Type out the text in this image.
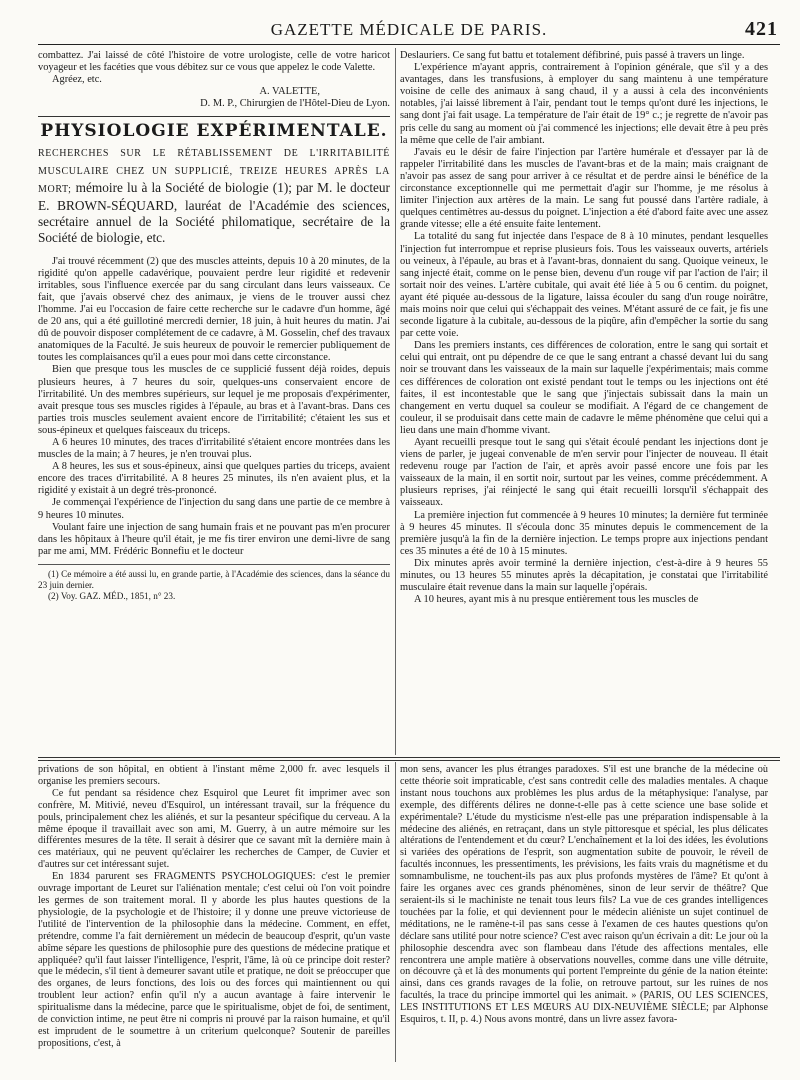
GAZETTE MÉDICALE DE PARIS.	421

combattez. J'ai laissé de côté l'histoire de votre urologiste, celle de votre haricot voyageur et les facéties que vous débitez sur ce vous que appelez le code Valette.

Agréez, etc.

A. VALETTE,

D. M. P., Chirurgien de l'Hôtel-Dieu de Lyon.

PHYSIOLOGIE EXPÉRIMENTALE.
RECHERCHES SUR LE RÉTABLISSEMENT DE L'IRRITABILITÉ MUSCULAIRE CHEZ UN SUPPLICIÉ, TREIZE HEURES APRÈS LA MORT; mémoire lu à la Société de biologie (1); par M. le docteur E. BROWN-SÉQUARD, lauréat de l'Académie des sciences, secrétaire annuel de la Société philomatique, secrétaire de la Société de biologie, etc.

J'ai trouvé récemment (2) que des muscles atteints, depuis 10 à 20 minutes, de la rigidité qu'on appelle cadavérique, pouvaient perdre leur rigidité et redevenir irritables, sous l'influence exercée par du sang circulant dans leurs vaisseaux. Ce fait, que j'avais observé chez des animaux, je viens de le trouver aussi chez l'homme. J'ai eu l'occasion de faire cette recherche sur le cadavre d'un homme, âgé de 20 ans, qui a été guillotiné mercredi dernier, 18 juin, à huit heures du matin. J'ai dû de pouvoir disposer complétement de ce cadavre, à M. Gosselin, chef des travaux anatomiques de la Faculté. Je suis heureux de pouvoir le remercier publiquement de toutes les complaisances qu'il a eues pour moi dans cette circonstance.

Bien que presque tous les muscles de ce supplicié fussent déjà roides, depuis plusieurs heures, à 7 heures du soir, quelques-uns conservaient encore de l'irritabilité. Un des membres supérieurs, sur lequel je me proposais d'expérimenter, avait presque tous ses muscles rigides à l'épaule, au bras et à l'avant-bras. Dans ces parties trois muscles seulement avaient encore de l'irritabilité; c'étaient les sus et sous-épineux et quelques faisceaux du triceps.

A 6 heures 10 minutes, des traces d'irritabilité s'étaient encore montrées dans les muscles de la main; à 7 heures, je n'en trouvai plus.

A 8 heures, les sus et sous-épineux, ainsi que quelques parties du triceps, avaient encore des traces d'irritabilité. A 8 heures 25 minutes, ils n'en avaient plus, et la rigidité y existait à un degré très-prononcé.

Je commençai l'expérience de l'injection du sang dans une partie de ce membre à 9 heures 10 minutes.

Voulant faire une injection de sang humain frais et ne pouvant pas m'en procurer dans les hôpitaux à l'heure qu'il était, je me fis tirer environ une demi-livre de sang par me ami, MM. Frédéric Bonnefiu et le docteur

(1) Ce mémoire a été aussi lu, en grande partie, à l'Académie des sciences, dans la séance du 23 juin dernier.

(2) Voy. GAZ. MÉD., 1851, n° 23.

Deslauriers. Ce sang fut battu et totalement défibriné, puis passé à travers un linge.

L'expérience m'ayant appris, contrairement à l'opinion générale, que s'il y a des avantages, dans les transfusions, à employer du sang maintenu à une température voisine de celle des animaux à sang chaud, il y a aussi à cela des inconvénients notables, j'ai laissé librement à l'air, pendant tout le temps qu'ont duré les injections, le sang dont j'ai fait usage. La température de l'air était de 19° c.; je regrette de n'avoir pas pris celle du sang au moment où j'ai commencé les injections; elle devait être à peu près la même que celle de l'air ambiant.

J'avais eu le désir de faire l'injection par l'artère humérale et d'essayer par là de rappeler l'irritabilité dans les muscles de l'avant-bras et de la main; mais craignant de n'avoir pas assez de sang pour arriver à ce résultat et de perdre ainsi le bénéfice de la circonstance exceptionnelle qui me permettait d'agir sur l'homme, je me résolus à limiter l'injection aux artères de la main. Le sang fut poussé dans l'artère radiale, à quelques centimètres au-dessus du poignet. L'injection a été d'abord faite avec une assez grande vitesse; elle a été ensuite faite lentement.

La totalité du sang fut injectée dans l'espace de 8 à 10 minutes, pendant lesquelles l'injection fut interrompue et reprise plusieurs fois. Tous les vaisseaux ouverts, artériels ou veineux, à l'épaule, au bras et à l'avant-bras, donnaient du sang. Quoique veineux, le sang injecté était, comme on le pense bien, devenu d'un rouge vif par l'action de l'air; il sortait noir des veines. L'artère cubitale, qui avait été liée à 5 ou 6 centim. du poignet, ayant été piquée au-dessous de la ligature, laissa écouler du sang d'un rouge noirâtre, mais moins noir que celui qui s'échappait des veines. M'étant assuré de ce fait, je fis une seconde ligature à la cubitale, au-dessous de la piqûre, afin d'empêcher la sortie du sang par cette voie.

Dans les premiers instants, ces différences de coloration, entre le sang qui sortait et celui qui entrait, ont pu dépendre de ce que le sang entrant a chassé devant lui du sang noir se trouvant dans les vaisseaux de la main sur laquelle j'expérimentais; mais comme ces différences de coloration ont existé pendant tout le temps ou les injections ont été faites, il est incontestable que le sang que j'injectais subissait dans la main un changement en vertu duquel sa couleur se modifiait. A l'égard de ce changement de couleur, il se produisait dans cette main de cadavre le même phénomène que celui qui a lieu dans une main d'homme vivant.

Ayant recueilli presque tout le sang qui s'était écoulé pendant les injections dont je viens de parler, je jugeai convenable de m'en servir pour l'injecter de nouveau. Il était redevenu rouge par l'action de l'air, et après avoir passé encore une fois par les vaisseaux de la main, il en sortit noir, surtout par les veines, comme précédemment. A plusieurs reprises, j'ai réinjecté le sang qui était recueilli lorsqu'il s'échappait des vaisseaux.

La première injection fut commencée à 9 heures 10 minutes; la dernière fut terminée à 9 heures 45 minutes. Il s'écoula donc 35 minutes depuis le commencement de la première jusqu'à la fin de la dernière injection. Le temps propre aux injections pendant ces 35 minutes a été de 10 à 15 minutes.

Dix minutes après avoir terminé la dernière injection, c'est-à-dire à 9 heures 55 minutes, ou 13 heures 55 minutes après la décapitation, je constatai que l'irritabilité musculaire était revenue dans la main sur laquelle j'opérais.

A 10 heures, ayant mis à nu presque entièrement tous les muscles de

privations de son hôpital, en obtient à l'instant même 2,000 fr. avec lesquels il organise les premiers secours.

Ce fut pendant sa résidence chez Esquirol que Leuret fit imprimer avec son confrère, M. Mitivié, neveu d'Esquirol, un intéressant travail, sur la fréquence du pouls, principalement chez les aliénés, et sur la pesanteur spécifique du cerveau. A la même époque il travaillait avec son ami, M. Guerry, à un autre mémoire sur les différentes mesures de la tête. Il serait à désirer que ce savant mît la dernière main à ces matériaux, qui ne peuvent qu'éclairer les recherches de Camper, de Cuvier et d'autres sur cet intéressant sujet.

En 1834 parurent ses FRAGMENTS PSYCHOLOGIQUES: c'est le premier ouvrage important de Leuret sur l'aliénation mentale; c'est celui où l'on voit poindre les germes de son traitement moral. Il y aborde les plus hautes questions de la physiologie, de la psychologie et de l'histoire; il y donne une preuve victorieuse de l'utilité de l'intervention de la philosophie dans la médecine. Comment, en effet, prétendre, comme l'a fait dernièrement un médecin de beaucoup d'esprit, qu'un vaste abîme sépare les questions de philosophie pure des questions de médecine pratique et appliquée? qu'il faut laisser l'intelligence, l'esprit, l'âme, là où ce principe doit rester? que le médecin, s'il tient à demeurer savant utile et pratique, ne doit se préoccuper que des organes, de leurs fonctions, des lois ou des forces qui maintiennent ou qui troublent leur action? enfin qu'il n'y a aucun avantage à faire intervenir le spiritualisme dans la médecine, parce que le spiritualisme, objet de foi, de sentiment, de conviction intime, ne peut être ni compris ni prouvé par la raison humaine, et qu'il est imprudent de le soumettre à un criterium quelconque? Soutenir de pareilles propositions, c'est, à

mon sens, avancer les plus étranges paradoxes. S'il est une branche de la médecine où cette théorie soit impraticable, c'est sans contredit celle des maladies mentales. A chaque instant nous touchons aux problèmes les plus ardus de la métaphysique: l'analyse, par exemple, des différents délires ne donne-t-elle pas à cette science une base solide et expérimentale? L'étude du mysticisme n'est-elle pas une préparation indispensable à la médecine des aliénés, en retraçant, dans un style pittoresque et spécial, les plus délicates altérations de l'entendement et du cœur? L'enchaînement et la loi des idées, les évolutions si variées des opérations de l'esprit, son augmentation subite de pouvoir, le réveil de facultés inconnues, les pressentiments, les prévisions, les faits vrais du magnétisme et du somnambulisme, ne touchent-ils pas aux plus profonds mystères de l'âme? Et qu'ont à faire les organes avec ces grands phénomènes, sinon de leur servir de théâtre? Que seraient-ils si le machiniste ne tenait tous leurs fils? La vue de ces grandes intelligences touchées par la folie, et qui deviennent pour le médecin aliéniste un sujet continuel de méditations, ne le ramène-t-il pas sans cesse à l'examen de ces hautes questions qu'on déclare sans utilité pour notre science? C'est avec raison qu'un écrivain a dit: Le jour où la philosophie descendra avec son flambeau dans l'étude des affections mentales, elle rencontrera une ample matière à observations nouvelles, comme dans une ville détruite, on découvre çà et là des monuments qui portent l'empreinte du génie de la nation éteinte: ainsi, dans ces grands ravages de la folie, on retrouve partout, sur les ruines de nos facultés, la trace du principe immortel qui les animait. » (PARIS, OU LES SCIENCES, LES INSTITUTIONS ET LES MŒURS AU DIX-NEUVIÈME SIÈCLE; par Alphonse Esquiros, t. II, p. 4.) Nous avons montré, dans un livre assez favora-
